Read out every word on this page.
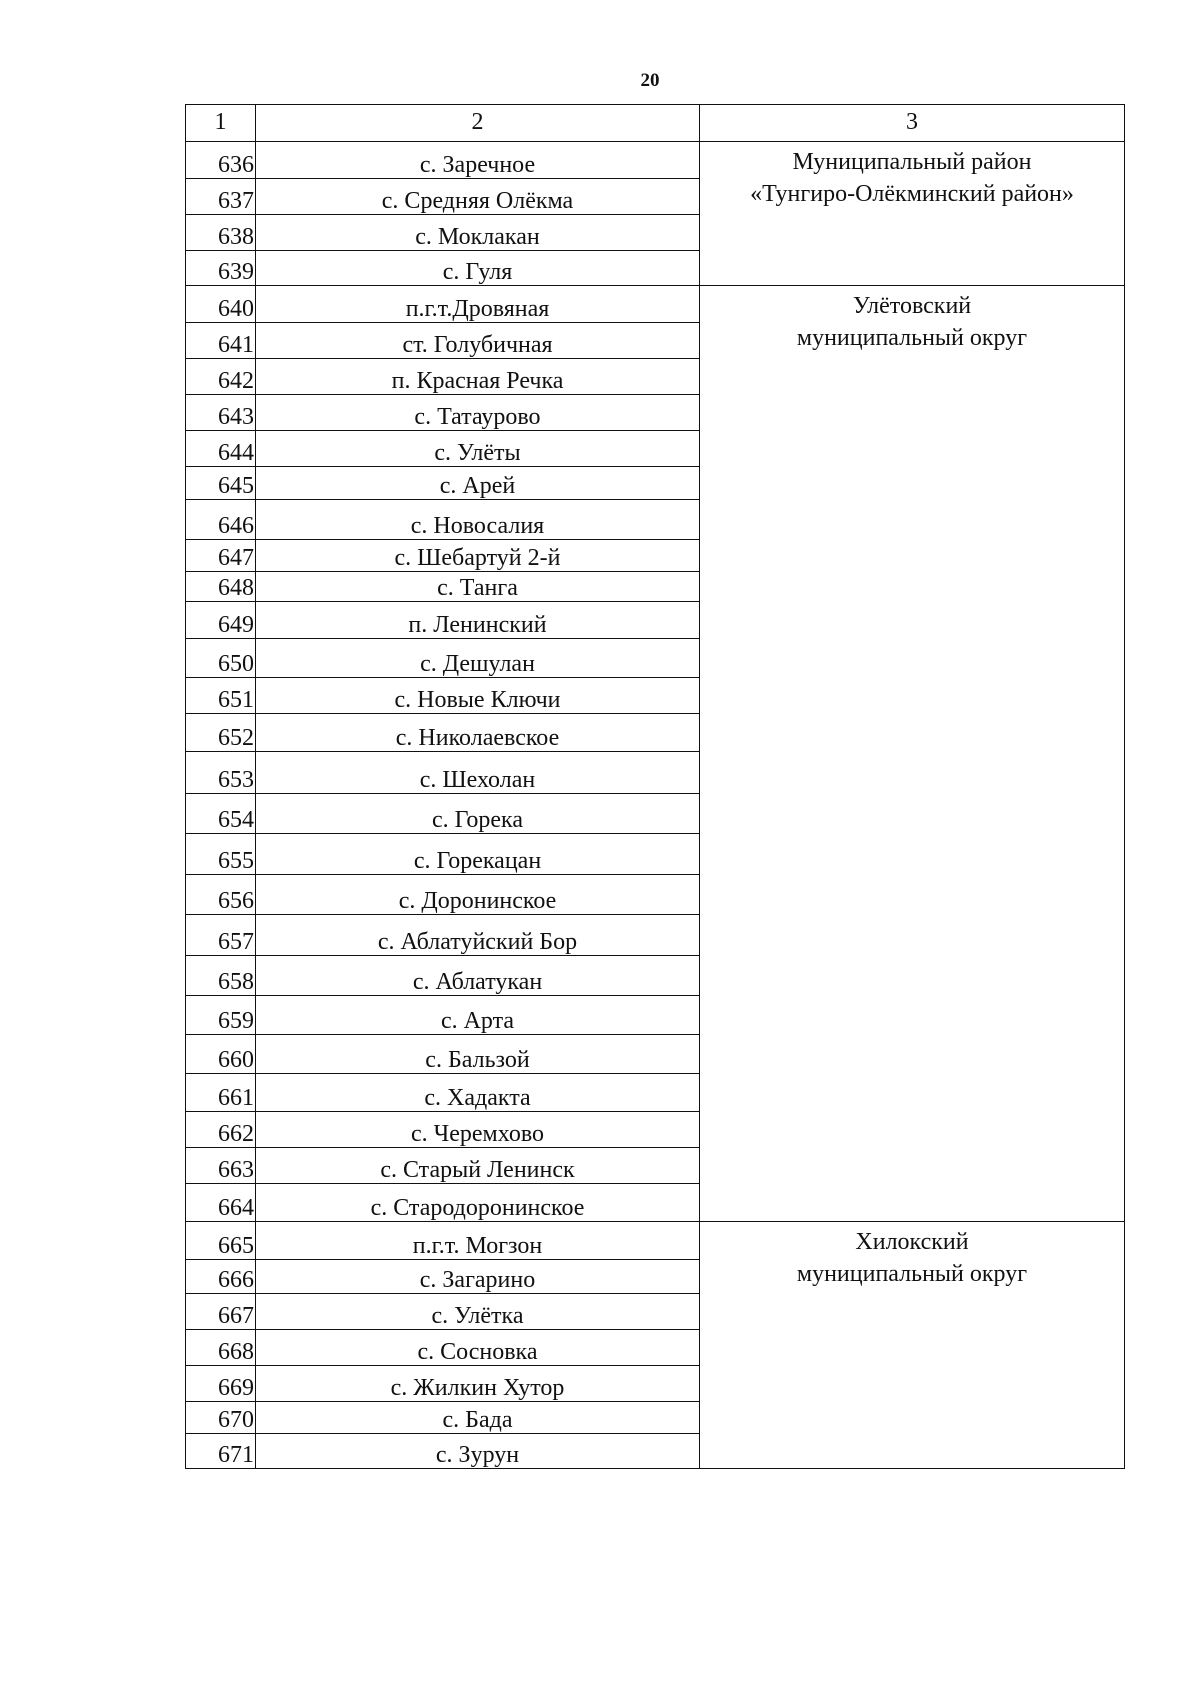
20
1	2	3
636	с. Заречное	Муниципальный район
«Тунгиро-Олёкминский район»

637	с. Средняя Олёкма	
638	с. Моклакан	
639	с. Гуля	
640	п.г.т.Дровяная	Улётовский
муниципальный округ

641	ст. Голубичная	
642	п. Красная Речка	
643	с. Татаурово	
644	с. Улёты	
645	с. Арей	
646	с. Новосалия	
647	с. Шебартуй 2-й	
648	с. Танга	
649	п. Ленинский	
650	с. Дешулан	
651	с. Новые Ключи	
652	с. Николаевское	
653	с. Шехолан	
654	с. Горека	
655	с. Горекацан	
656	с. Доронинское	
657	с. Аблатуйский Бор	
658	с. Аблатукан	
659	с. Арта	
660	с. Бальзой	
661	с. Хадакта	
662	с. Черемхово	
663	с. Старый Ленинск	
664	с. Стародоронинское	
665	п.г.т. Могзон	Хилокский
муниципальный округ

666	с. Загарино	
667	с. Улётка	
668	с. Сосновка	
669	с. Жилкин Хутор	
670	с. Бада	
671	с. Зурун	
